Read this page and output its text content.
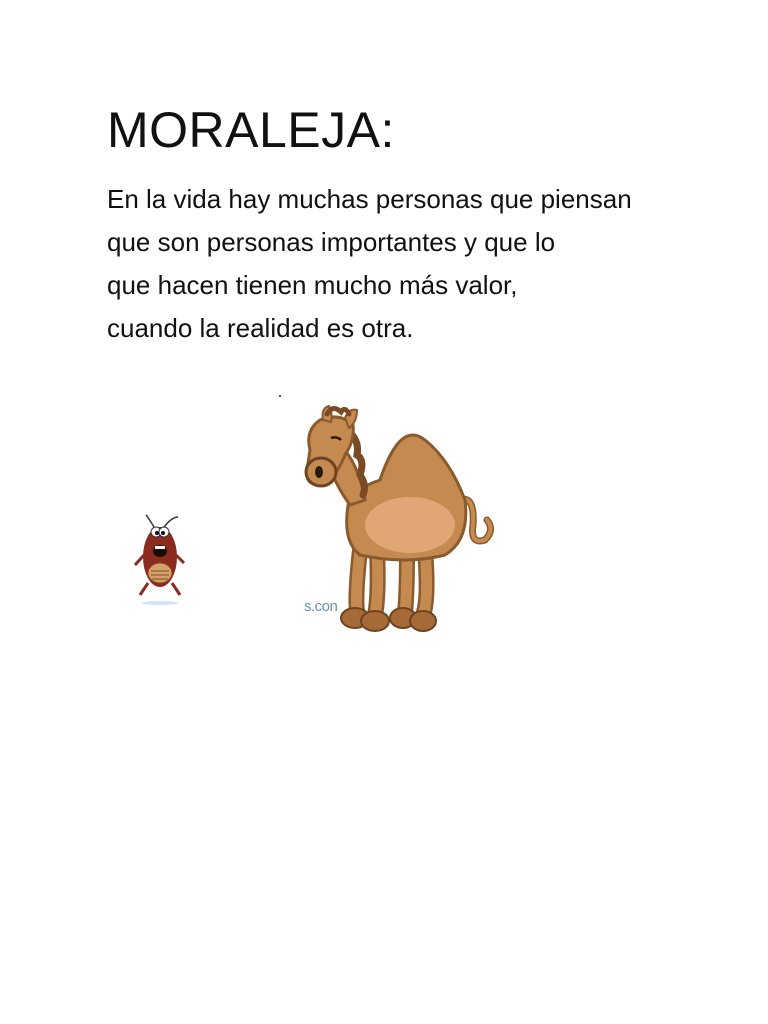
MORALEJA:
En la vida hay muchas personas que piensan
que son personas importantes y que lo
que hacen tienen mucho más valor,
cuando la realidad es otra.
s.con
